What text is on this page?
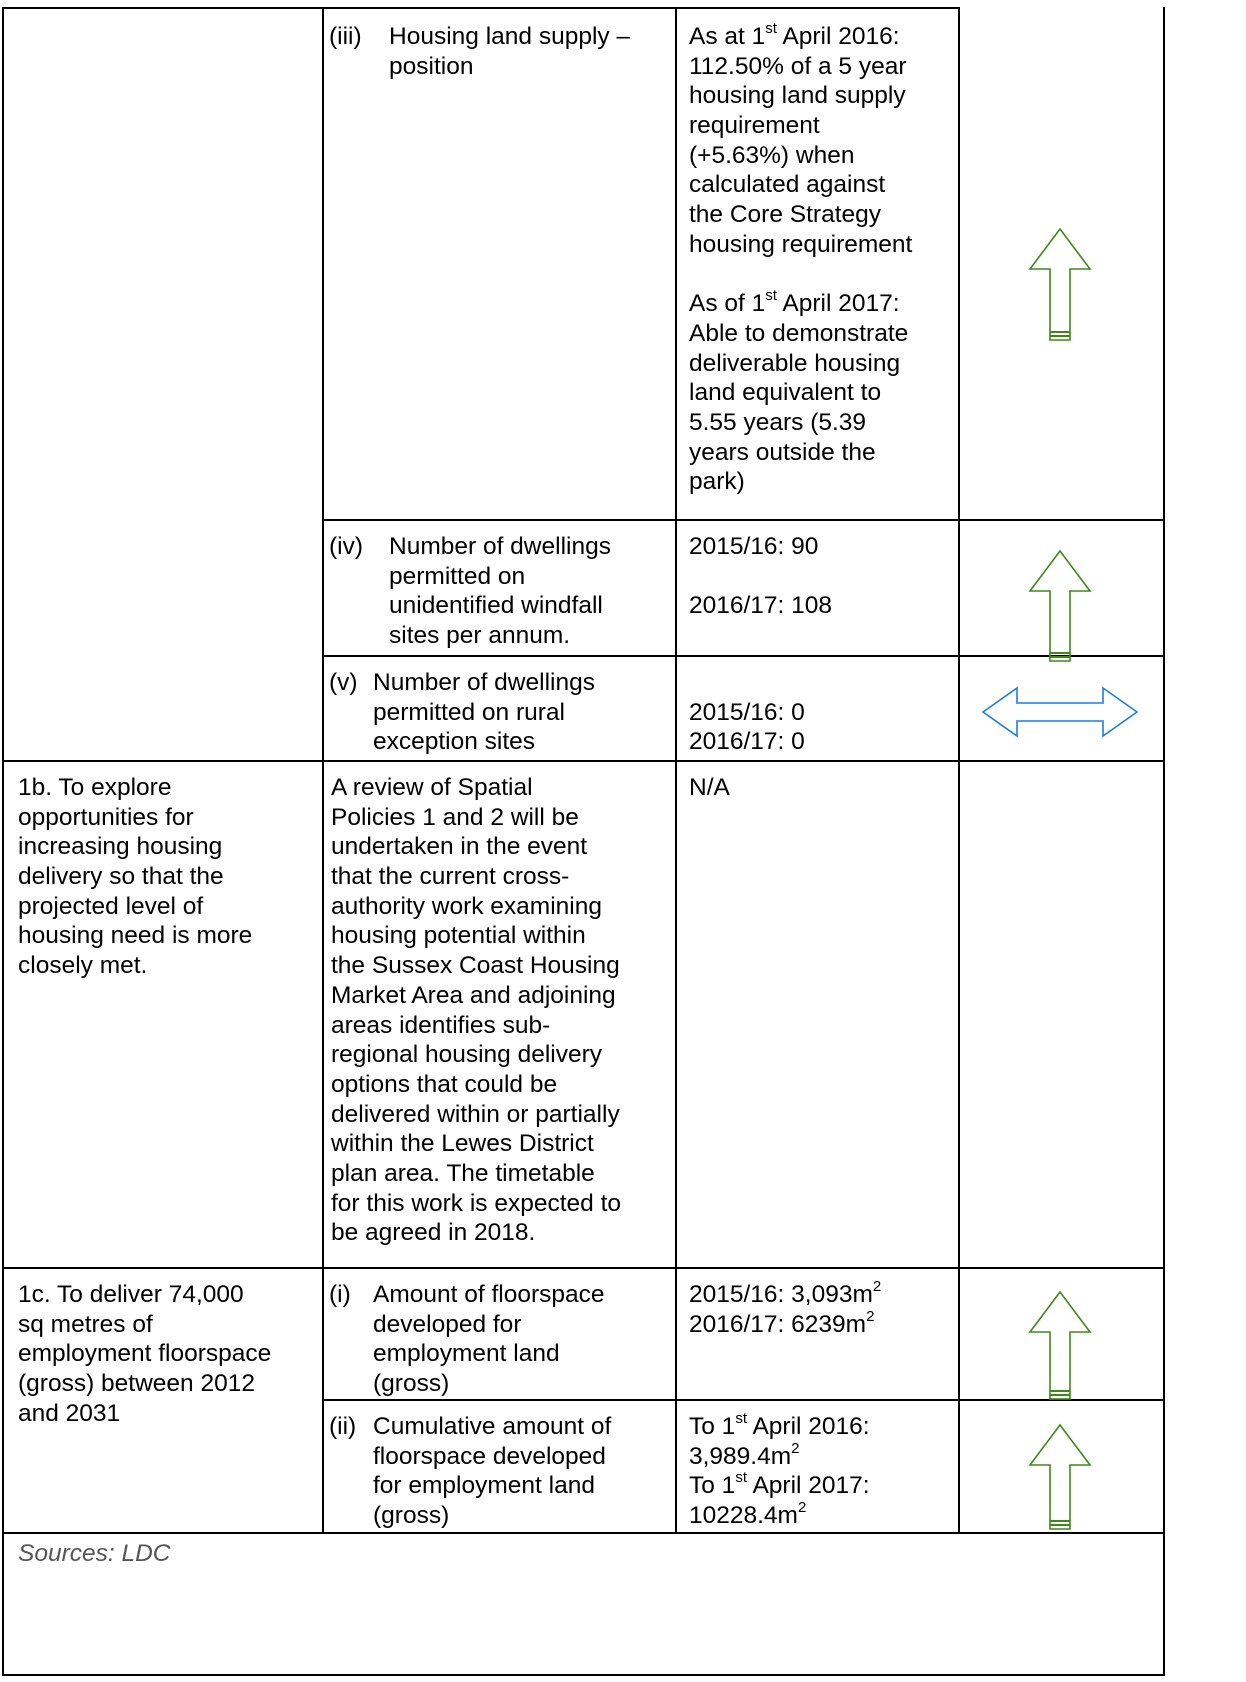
(iii) Housing land supply –
position
As at 1st April 2016:
112.50% of a 5 year
housing land supply
requirement
(+5.63%) when
calculated against
the Core Strategy
housing requirement

As of 1st April 2017:
Able to demonstrate
deliverable housing
land equivalent to
5.55 years (5.39
years outside the
park)
(iv) Number of dwellings
permitted on
unidentified windfall
sites per annum.
2015/16: 90

2016/17: 108
(v) Number of dwellings
permitted on rural
exception sites

2015/16: 0
2016/17: 0
1b. To explore
opportunities for
increasing housing
delivery so that the
projected level of
housing need is more
closely met.
A review of Spatial
Policies 1 and 2 will be
undertaken in the event
that the current cross-
authority work examining
housing potential within
the Sussex Coast Housing
Market Area and adjoining
areas identifies sub-
regional housing delivery
options that could be
delivered within or partially
within the Lewes District
plan area. The timetable
for this work is expected to
be agreed in 2018.
N/A
1c. To deliver 74,000
sq metres of
employment floorspace
(gross) between 2012
and 2031
(i) Amount of floorspace
developed for
employment land
(gross)
2015/16: $3,093m^2$
2016/17: $6239m^2$
(ii) Cumulative amount of
floorspace developed
for employment land
(gross)
To 1st April 2016:
$3,989.4m^2$
To 1st April 2017:
$10228.4m^2$
Sources: LDC
